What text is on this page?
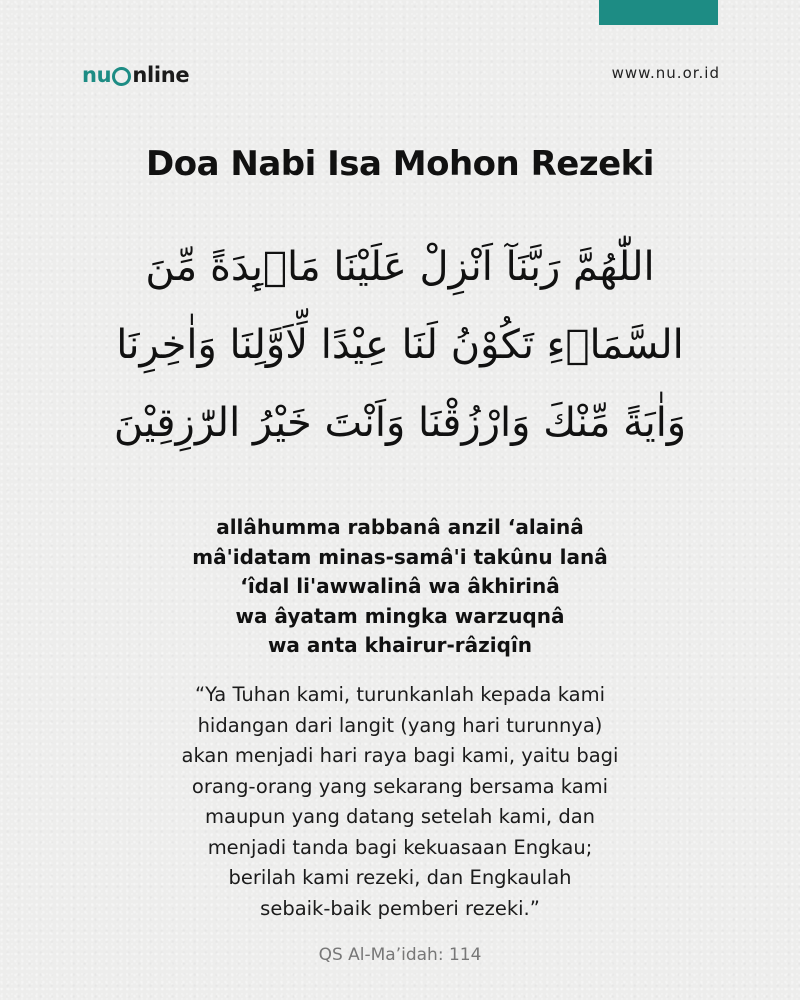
nu nline	www.nu.or.id
Doa Nabi Isa Mohon Rezeki
اللّٰهُمَّ رَبَّنَآ اَنْزِلْ عَلَيْنَا مَاۤىِٕدَةً مِّنَ
السَّمَاۤءِ تَكُوْنُ لَنَا عِيْدًا لِّاَوَّلِنَا وَاٰخِرِنَا
وَاٰيَةً مِّنْكَ وَارْزُقْنَا وَاَنْتَ خَيْرُ الرّٰزِقِيْنَ
allâhumma rabbanâ anzil ‘alainâ
mâ'idatam minas-samâ'i takûnu lanâ
‘îdal li'awwalinâ wa âkhirinâ
wa âyatam mingka warzuqnâ
wa anta khairur-râziqîn
“Ya Tuhan kami, turunkanlah kepada kami
hidangan dari langit (yang hari turunnya)
akan menjadi hari raya bagi kami, yaitu bagi
orang-orang yang sekarang bersama kami
maupun yang datang setelah kami, dan
menjadi tanda bagi kekuasaan Engkau;
berilah kami rezeki, dan Engkaulah
sebaik-baik pemberi rezeki.”
QS Al-Ma’idah: 114
